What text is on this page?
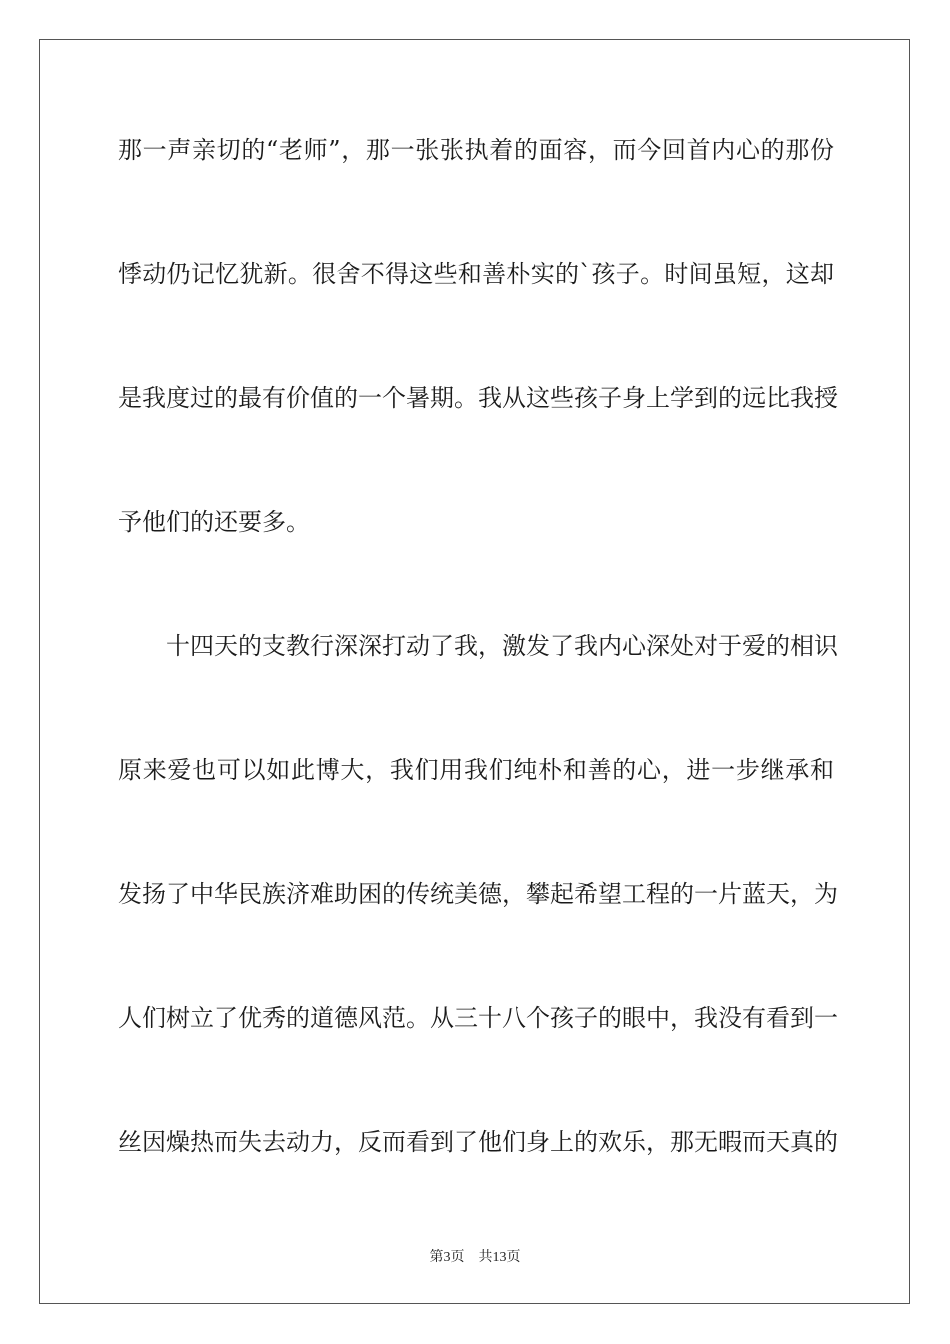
那一声亲切的“老师”，那一张张执着的面容，而今回首内心的那份
悸动仍记忆犹新。很舍不得这些和善朴实的`孩子。时间虽短，这却
是我度过的最有价值的一个暑期。我从这些孩子身上学到的远比我授
予他们的还要多。
十四天的支教行深深打动了我，激发了我内心深处对于爱的相识
原来爱也可以如此博大，我们用我们纯朴和善的心，进一步继承和
发扬了中华民族济难助困的传统美德，攀起希望工程的一片蓝天，为
人们树立了优秀的道德风范。从三十八个孩子的眼中，我没有看到一
丝因燥热而失去动力，反而看到了他们身上的欢乐，那无暇而天真的
第3页 共13页
